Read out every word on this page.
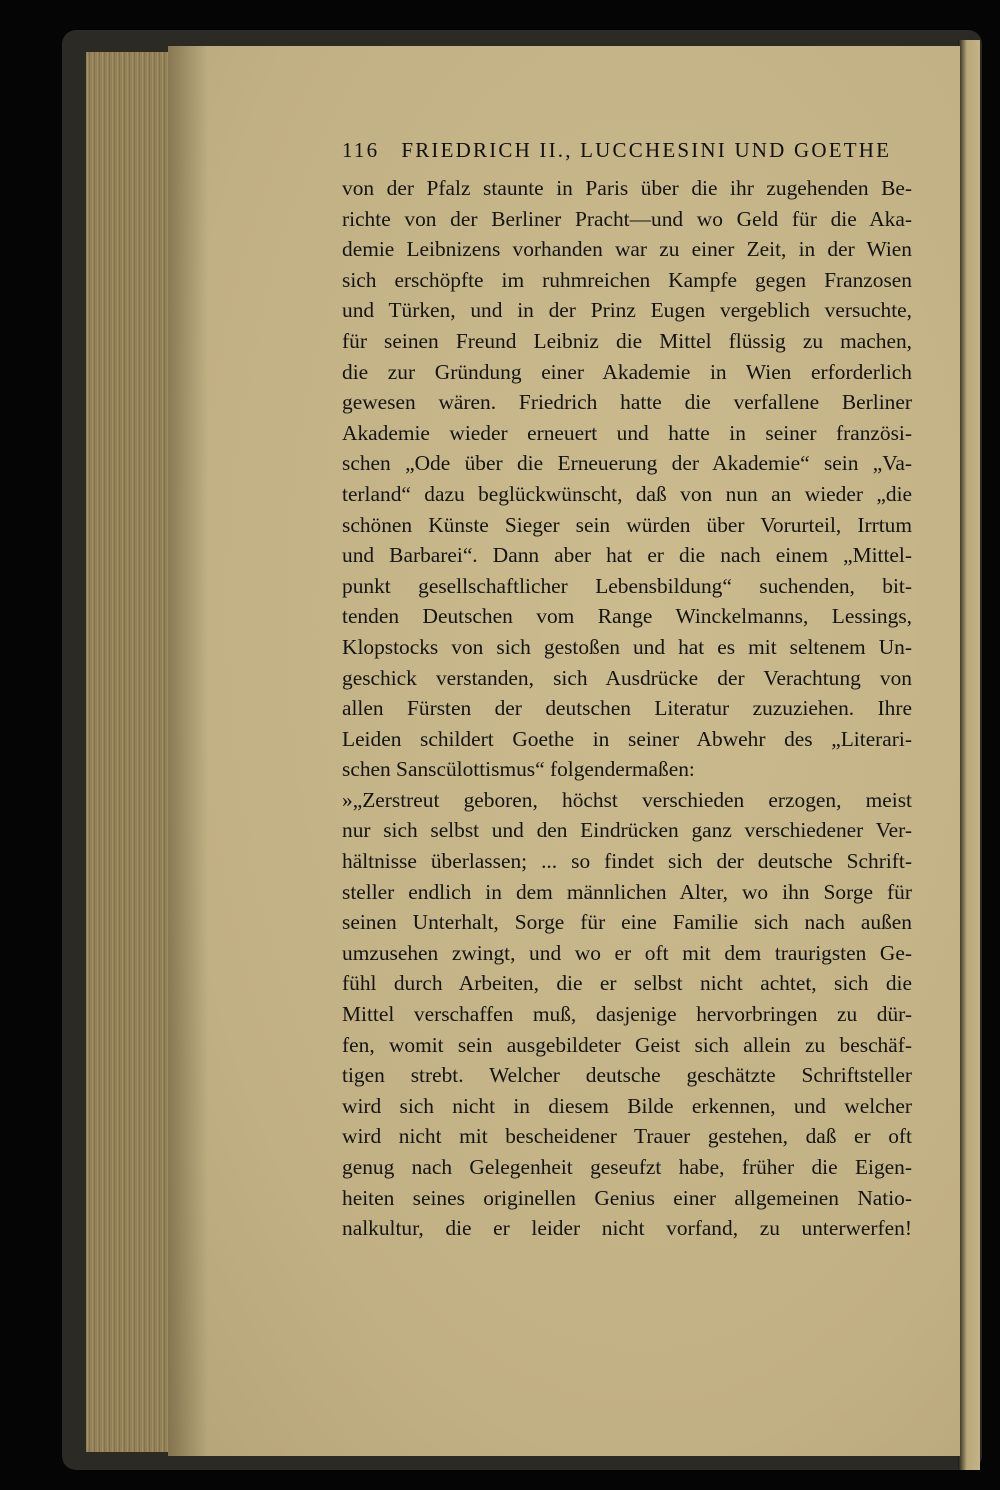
116 FRIEDRICH II., LUCCHESINI UND GOETHE
von der Pfalz staunte in Paris über die ihr zugehenden Be-
richte von der Berliner Pracht—und wo Geld für die Aka-
demie Leibnizens vorhanden war zu einer Zeit, in der Wien
sich erschöpfte im ruhmreichen Kampfe gegen Franzosen
und Türken, und in der Prinz Eugen vergeblich versuchte,
für seinen Freund Leibniz die Mittel flüssig zu machen,
die zur Gründung einer Akademie in Wien erforderlich
gewesen wären. Friedrich hatte die verfallene Berliner
Akademie wieder erneuert und hatte in seiner französi-
schen „Ode über die Erneuerung der Akademie“ sein „Va-
terland“ dazu beglückwünscht, daß von nun an wieder „die
schönen Künste Sieger sein würden über Vorurteil, Irrtum
und Barbarei“. Dann aber hat er die nach einem „Mittel-
punkt gesellschaftlicher Lebensbildung“ suchenden, bit-
tenden Deutschen vom Range Winckelmanns, Lessings,
Klopstocks von sich gestoßen und hat es mit seltenem Un-
geschick verstanden, sich Ausdrücke der Verachtung von
allen Fürsten der deutschen Literatur zuzuziehen. Ihre
Leiden schildert Goethe in seiner Abwehr des „Literari-
schen Sanscülottismus“ folgendermaßen:
»„Zerstreut geboren, höchst verschieden erzogen, meist
nur sich selbst und den Eindrücken ganz verschiedener Ver-
hältnisse überlassen; ... so findet sich der deutsche Schrift-
steller endlich in dem männlichen Alter, wo ihn Sorge für
seinen Unterhalt, Sorge für eine Familie sich nach außen
umzusehen zwingt, und wo er oft mit dem traurigsten Ge-
fühl durch Arbeiten, die er selbst nicht achtet, sich die
Mittel verschaffen muß, dasjenige hervorbringen zu dür-
fen, womit sein ausgebildeter Geist sich allein zu beschäf-
tigen strebt. Welcher deutsche geschätzte Schriftsteller
wird sich nicht in diesem Bilde erkennen, und welcher
wird nicht mit bescheidener Trauer gestehen, daß er oft
genug nach Gelegenheit geseufzt habe, früher die Eigen-
heiten seines originellen Genius einer allgemeinen Natio-
nalkultur, die er leider nicht vorfand, zu unterwerfen!
